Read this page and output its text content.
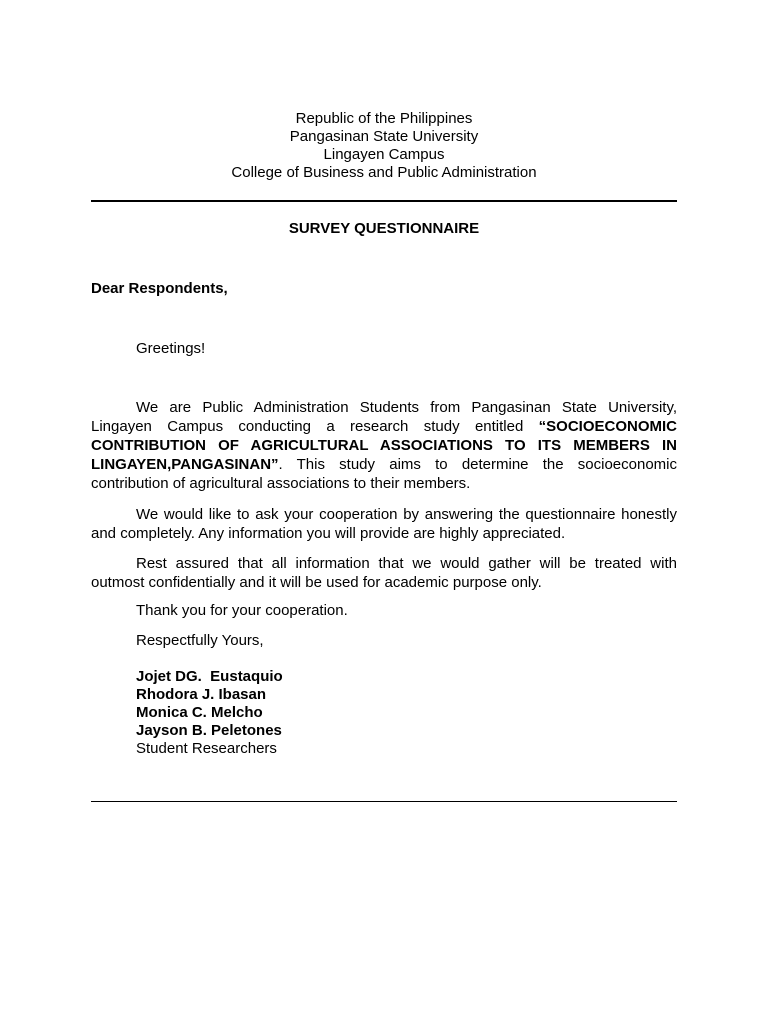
Republic of the Philippines
Pangasinan State University
Lingayen Campus
College of Business and Public Administration
SURVEY QUESTIONNAIRE
Dear Respondents,
Greetings!

We are Public Administration Students from Pangasinan State University, Lingayen Campus conducting a research study entitled “SOCIOECONOMIC CONTRIBUTION OF AGRICULTURAL ASSOCIATIONS TO ITS MEMBERS IN LINGAYEN,PANGASINAN”. This study aims to determine the socioeconomic contribution of agricultural associations to their members.

We would like to ask your cooperation by answering the questionnaire honestly and completely. Any information you will provide are highly appreciated.

Rest assured that all information that we would gather will be treated with outmost confidentially and it will be used for academic purpose only.

Thank you for your cooperation.
Respectfully Yours,
Jojet DG.  Eustaquio
Rhodora J. Ibasan
Monica C. Melcho
Jayson B. Peletones
Student Researchers
